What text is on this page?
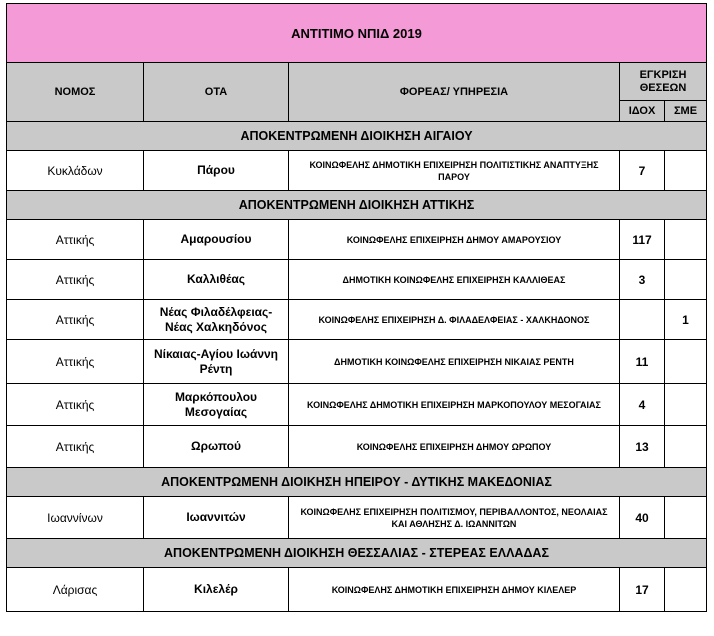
ΑΝΤΙΤΙΜΟ ΝΠΙΔ 2019				
ΝΟΜΟΣ	ΟΤΑ	ΦΟΡΕΑΣ/ ΥΠΗΡΕΣΙΑ	ΕΓΚΡΙΣΗ ΘΕΣΕΩΝ	
			ΙΔΟΧ	ΣΜΕ
ΑΠΟΚΕΝΤΡΩΜΕΝΗ ΔΙΟΙΚΗΣΗ ΑΙΓΑΙΟΥ				
Κυκλάδων	Πάρου	ΚΟΙΝΩΦΕΛΗΣ ΔΗΜΟΤΙΚΗ ΕΠΙΧΕΙΡΗΣΗ ΠΟΛΙΤΙΣΤΙΚΗΣ ΑΝΑΠΤΥΞΗΣ ΠΑΡΟΥ	7	
ΑΠΟΚΕΝΤΡΩΜΕΝΗ ΔΙΟΙΚΗΣΗ ΑΤΤΙΚΗΣ				
Αττικής	Αμαρουσίου	ΚΟΙΝΩΦΕΛΗΣ ΕΠΙΧΕΙΡΗΣΗ ΔΗΜΟΥ ΑΜΑΡΟΥΣΙΟΥ	117	
Αττικής	Καλλιθέας	ΔΗΜΟΤΙΚΗ ΚΟΙΝΩΦΕΛΗΣ ΕΠΙΧΕΙΡΗΣΗ ΚΑΛΛΙΘΕΑΣ	3	
Αττικής	Νέας Φιλαδέλφειας-Νέας Χαλκηδόνος	ΚΟΙΝΩΦΕΛΗΣ ΕΠΙΧΕΙΡΗΣΗ Δ. ΦΙΛΑΔΕΛΦΕΙΑΣ - ΧΑΛΚΗΔΟΝΟΣ		1
Αττικής	Νίκαιας-Αγίου Ιωάννη Ρέντη	ΔΗΜΟΤΙΚΗ ΚΟΙΝΩΦΕΛΗΣ ΕΠΙΧΕΙΡΗΣΗ ΝΙΚΑΙΑΣ ΡΕΝΤΗ	11	
Αττικής	Μαρκόπουλου Μεσογαίας	ΚΟΙΝΩΦΕΛΗΣ ΔΗΜΟΤΙΚΗ ΕΠΙΧΕΙΡΗΣΗ ΜΑΡΚΟΠΟΥΛΟΥ ΜΕΣΟΓΑΙΑΣ	4	
Αττικής	Ωρωπού	ΚΟΙΝΩΦΕΛΗΣ ΕΠΙΧΕΙΡΗΣΗ ΔΗΜΟΥ ΩΡΩΠΟΥ	13	
ΑΠΟΚΕΝΤΡΩΜΕΝΗ ΔΙΟΙΚΗΣΗ ΗΠΕΙΡΟΥ - ΔΥΤΙΚΗΣ ΜΑΚΕΔΟΝΙΑΣ				
Ιωαννίνων	Ιωαννιτών	ΚΟΙΝΩΦΕΛΗΣ ΕΠΙΧΕΙΡΗΣΗ ΠΟΛΙΤΙΣΜΟΥ, ΠΕΡΙΒΑΛΛΟΝΤΟΣ, ΝΕΟΛΑΙΑΣ ΚΑΙ ΑΘΛΗΣΗΣ Δ. ΙΩΑΝΝΙΤΩΝ	40	
ΑΠΟΚΕΝΤΡΩΜΕΝΗ ΔΙΟΙΚΗΣΗ ΘΕΣΣΑΛΙΑΣ - ΣΤΕΡΕΑΣ ΕΛΛΑΔΑΣ				
Λάρισας	Κιλελέρ	ΚΟΙΝΩΦΕΛΗΣ ΔΗΜΟΤΙΚΗ ΕΠΙΧΕΙΡΗΣΗ ΔΗΜΟΥ ΚΙΛΕΛΕΡ	17	
